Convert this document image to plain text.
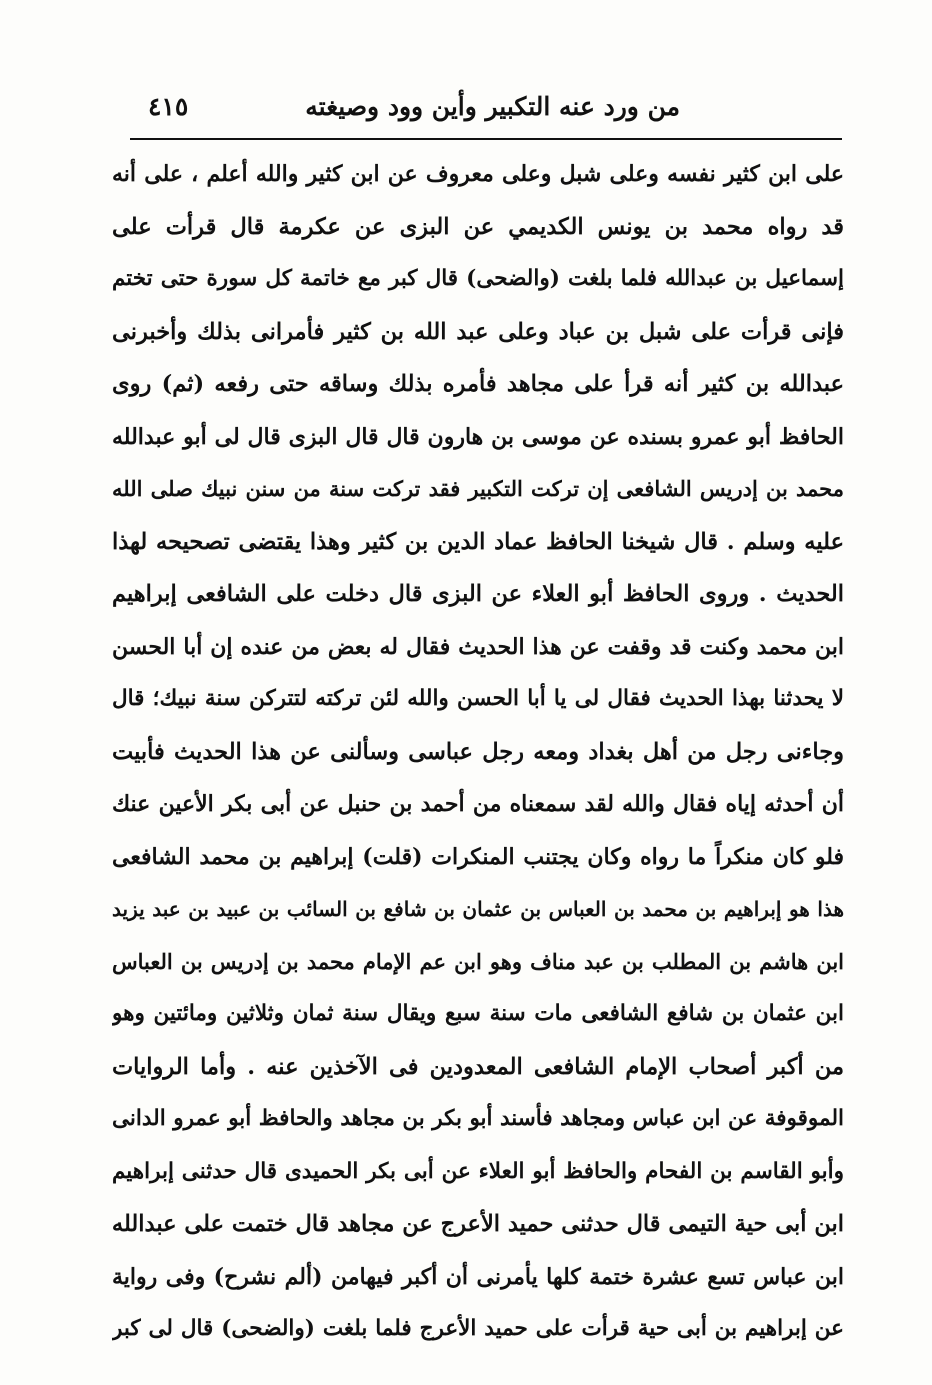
من ورد عنه التكبير وأين وود وصيغته
٤١٥
على ابن كثير نفسه وعلى شبل وعلى معروف عن ابن كثير والله أعلم ، على أنه
قد رواه محمد بن يونس الكديمي عن البزى عن عكرمة قال قرأت على
إسماعيل بن عبدالله فلما بلغت (والضحى) قال كبر مع خاتمة كل سورة حتى تختم
فإنى قرأت على شبل بن عباد وعلى عبد الله بن كثير فأمرانى بذلك وأخبرنى
عبدالله بن كثير أنه قرأ على مجاهد فأمره بذلك وساقه حتى رفعه (ثم) روى
الحافظ أبو عمرو بسنده عن موسى بن هارون قال قال البزى قال لى أبو عبدالله
محمد بن إدريس الشافعى إن تركت التكبير فقد تركت سنة من سنن نبيك صلى الله
عليه وسلم . قال شيخنا الحافظ عماد الدين بن كثير وهذا يقتضى تصحيحه لهذا
الحديث . وروى الحافظ أبو العلاء عن البزى قال دخلت على الشافعى إبراهيم
ابن محمد وكنت قد وقفت عن هذا الحديث فقال له بعض من عنده إن أبا الحسن
لا يحدثنا بهذا الحديث فقال لى يا أبا الحسن والله لئن تركته لتتركن سنة نبيك؛ قال
وجاءنى رجل من أهل بغداد ومعه رجل عباسى وسألنى عن هذا الحديث فأبيت
أن أحدثه إياه فقال والله لقد سمعناه من أحمد بن حنبل عن أبى بكر الأعين عنك
فلو كان منكراً ما رواه وكان يجتنب المنكرات (قلت) إبراهيم بن محمد الشافعى
هذا هو إبراهيم بن محمد بن العباس بن عثمان بن شافع بن السائب بن عبيد بن عبد يزيد
ابن هاشم بن المطلب بن عبد مناف وهو ابن عم الإمام محمد بن إدريس بن العباس
ابن عثمان بن شافع الشافعى مات سنة سبع ويقال سنة ثمان وثلاثين ومائتين وهو
من أكبر أصحاب الإمام الشافعى المعدودين فى الآخذين عنه . وأما الروايات
الموقوفة عن ابن عباس ومجاهد فأسند أبو بكر بن مجاهد والحافظ أبو عمرو الدانى
وأبو القاسم بن الفحام والحافظ أبو العلاء عن أبى بكر الحميدى قال حدثنى إبراهيم
ابن أبى حية التيمى قال حدثنى حميد الأعرج عن مجاهد قال ختمت على عبدالله
ابن عباس تسع عشرة ختمة كلها يأمرنى أن أكبر فيهامن (ألم نشرح) وفى رواية
عن إبراهيم بن أبى حية قرأت على حميد الأعرج فلما بلغت (والضحى) قال لى كبر
